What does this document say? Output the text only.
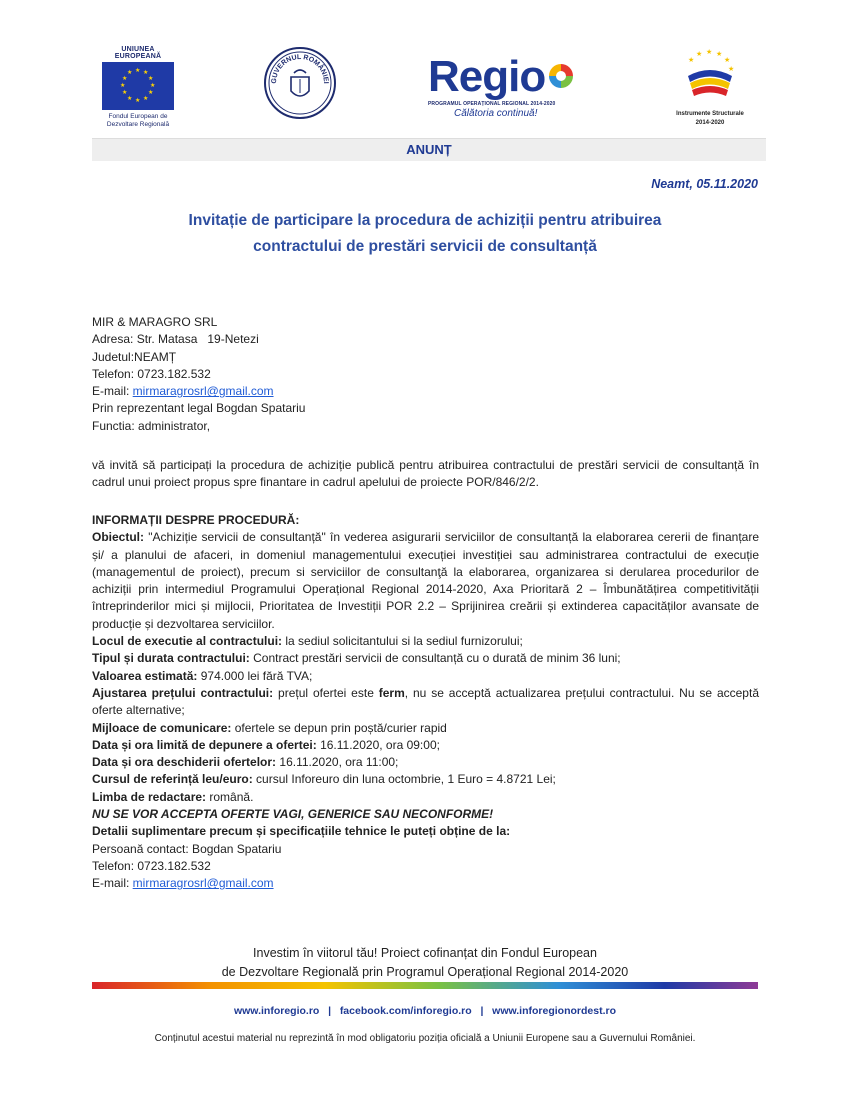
UNIUNEA EUROPEANĂ
★ ★
★
★
★
★
★
★
★
★
★
★
Fondul European de
Dezvoltare Regională
GUVERNUL ROMÂNIEI Regio
PROGRAMUL OPERAȚIONAL REGIONAL 2014-2020
Călătoria continuă!
★ ★
★
★
★
★
Instrumente Structurale
2014-2020
ANUNȚ
Neamt, 05.11.2020
Invitație de participare la procedura de achiziții pentru atribuirea
contractului de prestări servicii de consultanță
MIR & MARAGRO SRL
Adresa: Str. Matasa   19-Netezi
Judetul:NEAMȚ
Telefon: 0723.182.532
E-mail: mirmaragrosrl@gmail.com
Prin reprezentant legal Bogdan Spatariu
Functia: administrator,
vă invită să participați la procedura de achiziție publică pentru atribuirea contractului de prestări servicii de consultanță în cadrul unui proiect propus spre finantare in cadrul apelului de proiecte POR/846/2/2.
INFORMAȚII DESPRE PROCEDURĂ:
Obiectul: "Achiziție servicii de consultanță" în vederea asigurarii serviciilor de consultanță la elaborarea cererii de finanțare și/ a planului de afaceri, in domeniul managementului execuției investiției sau administrarea contractului de execuție (managementul de proiect), precum si serviciilor de consultanţă la elaborarea, organizarea si derularea procedurilor de achiziții prin intermediul Programului Operațional Regional 2014-2020, Axa Prioritară 2 – Îmbunătățirea competitivității întreprinderilor mici și mijlocii, Prioritatea de Investiții POR 2.2 – Sprijinirea creării și extinderea capacităților avansate de producție și dezvoltarea serviciilor.
Locul de executie al contractului: la sediul solicitantului si la sediul furnizorului;
Tipul și durata contractului: Contract prestări servicii de consultanță cu o durată de minim 36 luni;
Valoarea estimată: 974.000 lei fără TVA;
Ajustarea prețului contractului: prețul ofertei este ferm, nu se acceptă actualizarea prețului contractului. Nu se acceptă oferte alternative;
Mijloace de comunicare: ofertele se depun prin poștă/curier rapid
Data și ora limită de depunere a ofertei: 16.11.2020, ora 09:00;
Data și ora deschiderii ofertelor: 16.11.2020, ora 11:00;
Cursul de referință leu/euro: cursul Inforeuro din luna octombrie, 1 Euro = 4.8721 Lei;
Limba de redactare: română.
NU SE VOR ACCEPTA OFERTE VAGI, GENERICE SAU NECONFORME!
Detalii suplimentare precum și specificațiile tehnice le puteți obține de la:
Persoană contact: Bogdan Spatariu
Telefon: 0723.182.532
E-mail: mirmaragrosrl@gmail.com
Investim în viitorul tău! Proiect cofinanțat din Fondul European
de Dezvoltare Regională prin Programul Operațional Regional 2014-2020
www.inforegio.ro | facebook.com/inforegio.ro | www.inforegionordest.ro
Conținutul acestui material nu reprezintă în mod obligatoriu poziția oficială a Uniunii Europene sau a Guvernului României.
